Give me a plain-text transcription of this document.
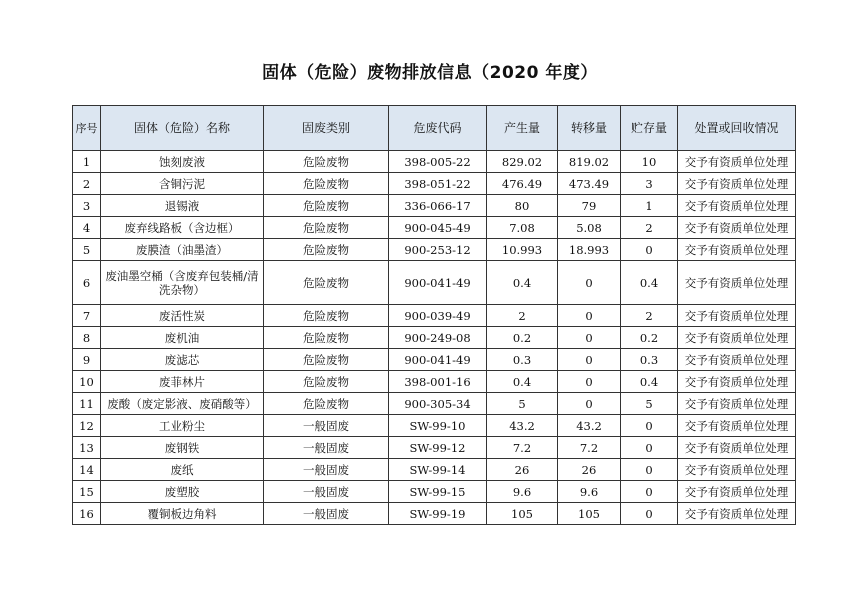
固体（危险）废物排放信息（2020 年度）
序号	固体（危险）名称	固废类别	危废代码	产生量	转移量	贮存量	处置或回收情况
1	蚀刻废液	危险废物	398-005-22	829.02	819.02	10	交予有资质单位处理
2	含铜污泥	危险废物	398-051-22	476.49	473.49	3	交予有资质单位处理
3	退锡液	危险废物	336-066-17	80	79	1	交予有资质单位处理
4	废弃线路板（含边框）	危险废物	900-045-49	7.08	5.08	2	交予有资质单位处理
5	废膜渣（油墨渣）	危险废物	900-253-12	10.993	18.993	0	交予有资质单位处理
6	废油墨空桶（含废弃包装桶/清洗杂物）	危险废物	900-041-49	0.4	0	0.4	交予有资质单位处理
7	废活性炭	危险废物	900-039-49	2	0	2	交予有资质单位处理
8	废机油	危险废物	900-249-08	0.2	0	0.2	交予有资质单位处理
9	废滤芯	危险废物	900-041-49	0.3	0	0.3	交予有资质单位处理
10	废菲林片	危险废物	398-001-16	0.4	0	0.4	交予有资质单位处理
11	废酸（废定影液、废硝酸等）	危险废物	900-305-34	5	0	5	交予有资质单位处理
12	工业粉尘	一般固废	SW-99-10	43.2	43.2	0	交予有资质单位处理
13	废钢铁	一般固废	SW-99-12	7.2	7.2	0	交予有资质单位处理
14	废纸	一般固废	SW-99-14	26	26	0	交予有资质单位处理
15	废塑胶	一般固废	SW-99-15	9.6	9.6	0	交予有资质单位处理
16	覆铜板边角料	一般固废	SW-99-19	105	105	0	交予有资质单位处理
